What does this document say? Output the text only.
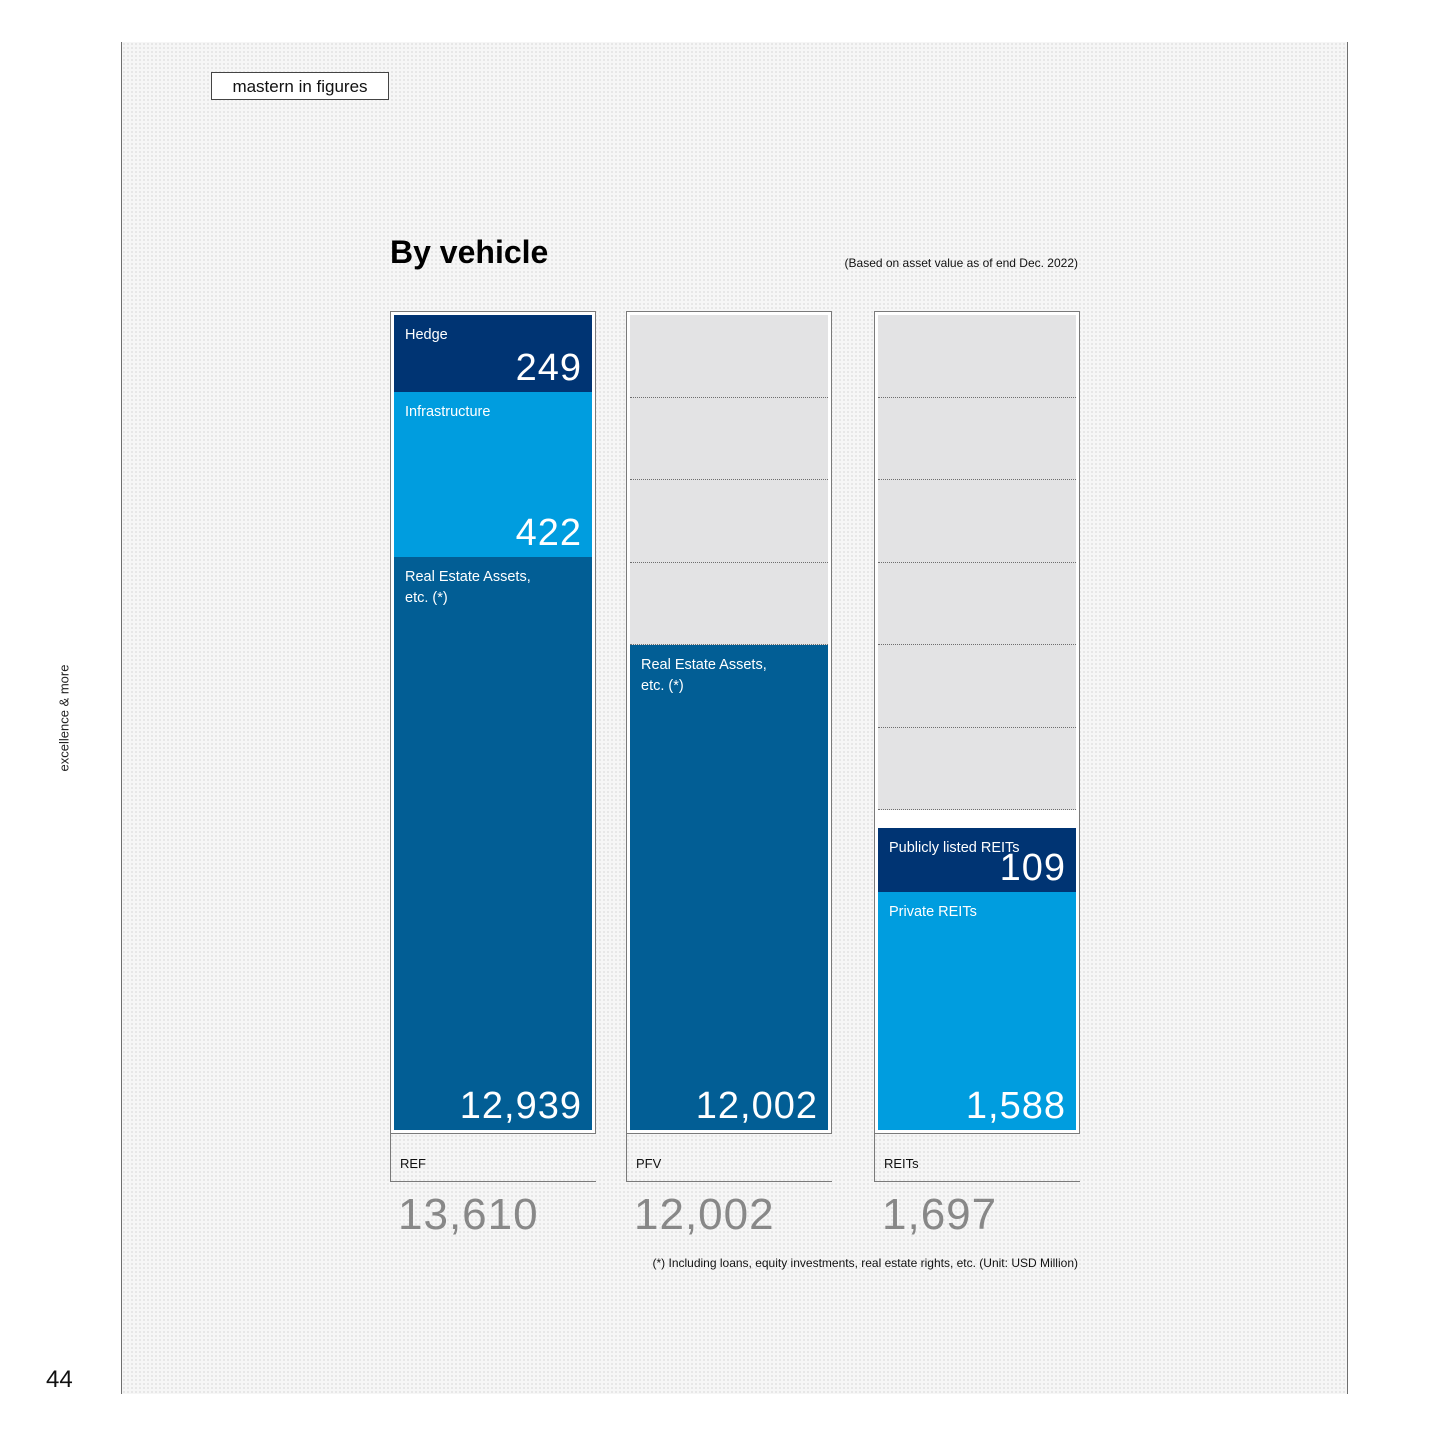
mastern in figures
excellence & more
44
By vehicle	(Based on asset value as of end Dec. 2022)
Hedge
249
Infrastructure
422
Real Estate Assets, etc. (*)
12,939
REF
13,610
Real Estate Assets, etc. (*)
12,002
PFV
12,002
Publicly listed REITs
109
Private REITs
1,588
REITs
1,697
(*) Including loans, equity investments, real estate rights, etc. (Unit: USD Million)
